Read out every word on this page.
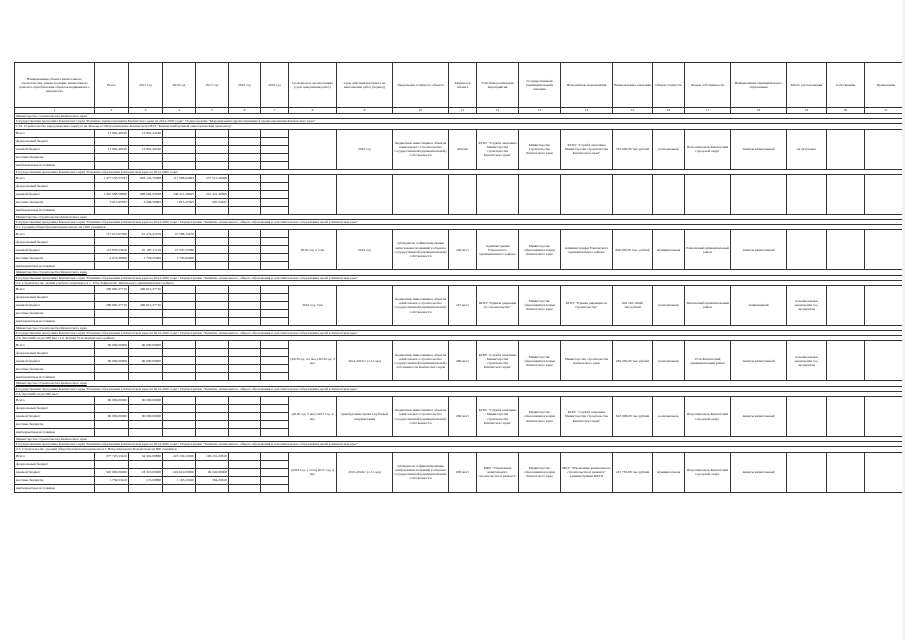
Наименование объекта капитального строительства, реконструкции, капитального ремонта, приобретения объектов недвижимого имущества	Всего	2015 год	2016 год	2017 год	2018 год	2019 год	Срок ввода в эксплуатацию (срок завершения работ)	Срок действия контракта на выполнение работ (период)	Предельная стоимость объекта	Мощность объекта	Участник реализации мероприятия	Государственный (муниципальный) заказчик	Исполнитель мероприятия	Наименование заказчика	Общая стоимость	Форма собственности	Наименование муниципального образования	Место расположения	Собственник	Примечание
1	2	3	4	5	6	7	8	9	10	11	12	13	14	15	16	17	18	19	20	21
Министерство строительства Камчатского края																				
Государственная программа Камчатского края "Развитие здравоохранения Камчатского края на 2014-2020 годы". Подпрограмма "Модернизация здравоохранения в здравоохранении Камчатского края"																				
1.32. Строительство хирургического корпуса на 40 коек в г.Петропавловске-Камчатском ГБУЗ "Камчатский краевой онкологический диспансер"																				
Всего	13 881,40190	13 881,44190						2016 год	бюджетные инвестиции в объекты капитального строительства государственной (муниципальной) собственности	40 коек	КГКУ "Служба заказчика Министерства строительства Камчатского края"	Министерство строительства Камчатского края	КГКУ "Служба заказчика Министерства строительства Камчатского края"	762 000,00 тыс.рублей	региональная	Петропавловск-Камчатский городской округ	лимиты капитальный	не актуально		
федеральный бюджет																				
краевой бюджет	13 881,40190	13 881,40190																		
местные бюджеты																				
внебюджетные источники																				
Государственная программа Камчатского края "Развитие образования в Камчатском крае на 2014-2020 годы"																				
Всего	1 477 533,55791	893 145,75098	111 588,64863	257 515,40496																
федеральный бюджет																				
краевой бюджет	1 467 968,58856	888 602,93928	249 411,28405	221 421,40695																
местные бюджеты	3 811,95935	3 096,50865	1 815,47505	287,34437																
внебюджетные источники																				
Министерство строительства Камчатского края																				
Государственная программа Камчатского края "Развитие образования в Камчатском крае на 2014-2020 годы". Подпрограмма "Развитие дошкольного, общего образования и дополнительного образования детей в Камчатском крае"																				
2.1. Средняя общеобразовательная школа на 1000 учащихся																				
Всего	117 915,07590	61 274,47470	47 588,13470				2019 год, 2 этап	2016 год	субсидии на софинансирование капитальных вложений в объекты государственной (муниципальной) собственности	250 мест	Администрация Елизовского муниципального района	Министерство образования и науки Камчатского края	Администрация Елизовского муниципального района	690 260,95 тыс. рублей	муниципальная	Елизовский муниципальный район	лимиты капитальный			
федеральный бюджет																				
краевой бюджет	115 833,53610	61 187,17110	47 547,25380																	
местные бюджеты	2 074,40000	1 729,25000	1 745,00000																	
внебюджетные источники																				
Министерство строительства Камчатского края																				
Государственная программа Камчатского края "Развитие образования в Камчатском крае на 2014-2020 годы". Подпрограмма "Развитие дошкольного, общего образования и дополнительного образования детей в Камчатском крае"																				
2.2. Строительство здания учебного комплекса в с. Усть-Хайрюзово Тигильского муниципального района																				
Всего	289 665,37710	286 615,37710					2016 год, 3 кв		бюджетные инвестиции в объекты капитального строительства государственной (муниципальной) собственности	215 мест	КГКУ "Единая дирекция по строительству"	Министерство образования и науки Камчатского края	КГКУ "Единая дирекция по строительству"	642 165,10426 тыс.рублей	региональная	Тигильский муниципальный район	акционерный	положительное заключение гос. экспертизы		
федеральный бюджет																				
краевой бюджет	286 665,37710	286 615,37710																		
местные бюджеты																				
внебюджетные источники																				
Министерство строительства Камчатского края																				
Государственная программа Камчатского края "Развитие образования в Камчатском крае на 2014-2020 годы". Подпрограмма "Развитие дошкольного, общего образования и дополнительного образования детей в Камчатском крае"																				
2.3. Детский сад на 280 мест в п. Ключи Усть-Камчатского района																				
Всего	80 000,00000	80 000,00000					(2018 год, 4,5 мес) 2016 год, 3 мес	2014-2015гг (1,5 года)	бюджетные инвестиции в объекты капитального строительства государственной (муниципальной) собственности Камчатского края	280 мест	КГБУ "Служба заказчика Министерства строительства Камчатского края"	Министерство образования и науки Камчатского края	Министерство строительства Камчатского края	284 250,00 тыс.рублей	региональная	Усть-Камчатский муниципальный район	лимиты капитальный	положительное заключение гос. экспертизы		
федеральный бюджет																				
краевой бюджет	80 000,00000	80 000,00000																		
местные бюджеты																				
внебюджетные источники																				
Министерство строительства Камчатского края																				
Государственная программа Камчатского края "Развитие образования в Камчатском крае на 2014-2020 годы". Подпрограмма "Развитие дошкольного, общего образования и дополнительного образования детей в Камчатском крае"																				
2.4. Детский сад на 260 мест																				
Всего	90 000,00000	90 000,00000					(2016 год, 5 мес) 2017 год, 4 мес	приобретение права в рублевой документации	бюджетные инвестиции в объекты капитального строительства государственной (муниципальной) собственности	260 мест	КГБУ "Служба заказчика Министерства строительства Камчатского края"	Министерство образования и науки Камчатского края	КГБУ "Служба заказчика Министерства строительства Камчатского края"	610 000,00 тыс.рублей	региональная	Петропавловск-Камчатский городской округ	лимиты капитальный			
федеральный бюджет																				
краевой бюджет	90 000,00000	90 000,00000																		
местные бюджеты																				
внебюджетные источники																				
Министерство строительства Камчатского края																				
Государственная программа Камчатского края "Развитие образования в Камчатском крае на 2014-2020 годы". Подпрограмма "Развитие дошкольного, общего образования и дополнительного образования детей в Камчатском крае"																				
2.5. Строительство средней общеобразовательной школы в г. Петропавловске-Камчатском на 800 учащихся																				
Всего	377 725,53410	34 392,09880	223 102,22920	109 231,20610			(2018 год, 1 этап) 2017 год, 4 мес	2015-2016гг (1,5 года)	субсидии на софинансирование капитальных вложений в объекты государственной (муниципальной) собственности	600 мест	МКУ "Управление капитального строительства и ремонта"	Министерство образования и науки Камчатского края	МКУ "Управление капитального строительства и ремонта" администрации ПКГО	413 765,88 тыс.рублей	муниципальная	Петропавловск-Камчатский городской округ	лимиты капитальный			
федеральный бюджет																				
краевой бюджет	320 000,00000	23 310,00000	224 610,00000	99 240,00000																
местные бюджеты	1 750,53410	172,09880	1 105,22920	364,20610																
внебюджетные источники																				
